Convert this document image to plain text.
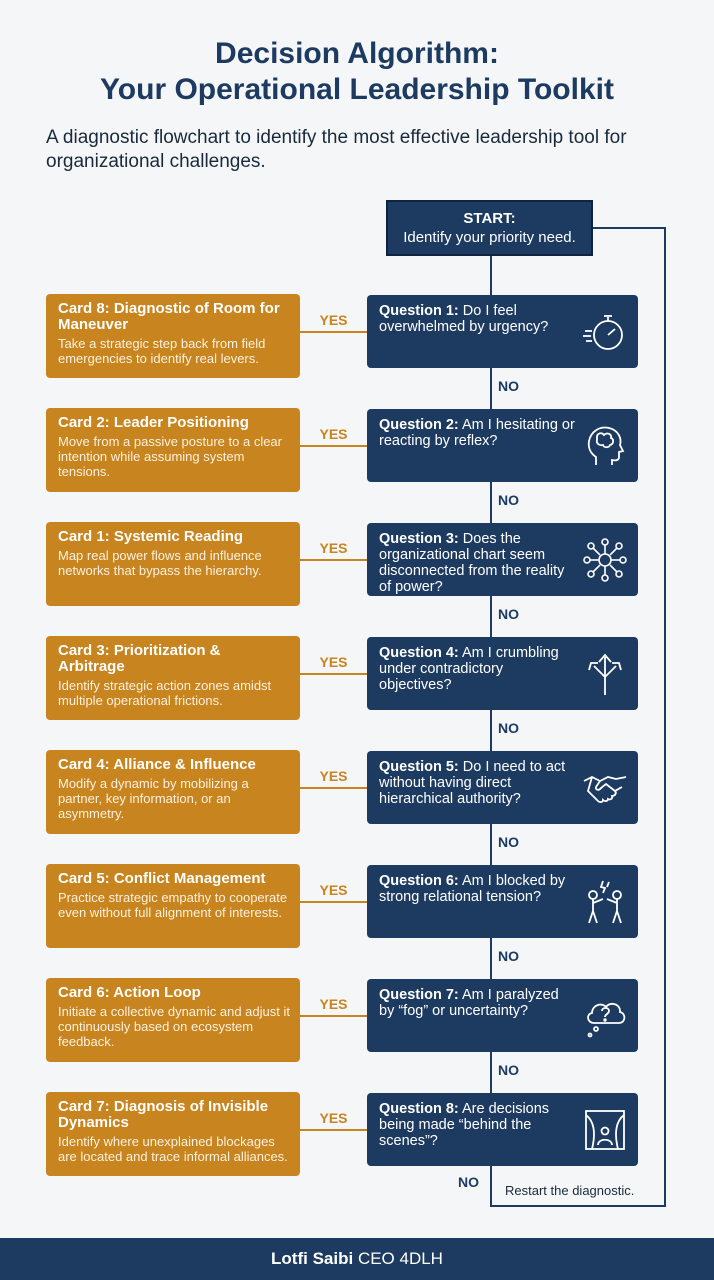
Decision Algorithm:
Your Operational Leadership Toolkit
A diagnostic flowchart to identify the most effective leadership tool for organizational challenges.
START:
Identify your priority need.
Question 1: Do I feel overwhelmed by urgency?
Card 8: Diagnostic of Room for Maneuver
Take a strategic step back from field emergencies to identify real levers.
YES
NO
Question 2: Am I hesitating or reacting by reflex?
Card 2: Leader Positioning
Move from a passive posture to a clear intention while assuming system tensions.
YES
NO
Question 3: Does the organizational chart seem disconnected from the reality of power?
Card 1: Systemic Reading
Map real power flows and influence networks that bypass the hierarchy.
YES
NO
Question 4: Am I crumbling under contradictory objectives?
Card 3: Prioritization & Arbitrage
Identify strategic action zones amidst multiple operational frictions.
YES
NO
Question 5: Do I need to act without having direct hierarchical authority?
Card 4: Alliance & Influence
Modify a dynamic by mobilizing a partner, key information, or an asymmetry.
YES
NO
Question 6: Am I blocked by strong relational tension?
Card 5: Conflict Management
Practice strategic empathy to cooperate even without full alignment of interests.
YES
NO
Question 7: Am I paralyzed by “fog” or uncertainty?
Card 6: Action Loop
Initiate a collective dynamic and adjust it continuously based on ecosystem feedback.
YES
NO
Question 8: Are decisions being made “behind the scenes”?
Card 7: Diagnosis of Invisible Dynamics
Identify where unexplained blockages are located and trace informal alliances.
YES
NO
Restart the diagnostic.
Lotfi Saibi CEO 4DLH
